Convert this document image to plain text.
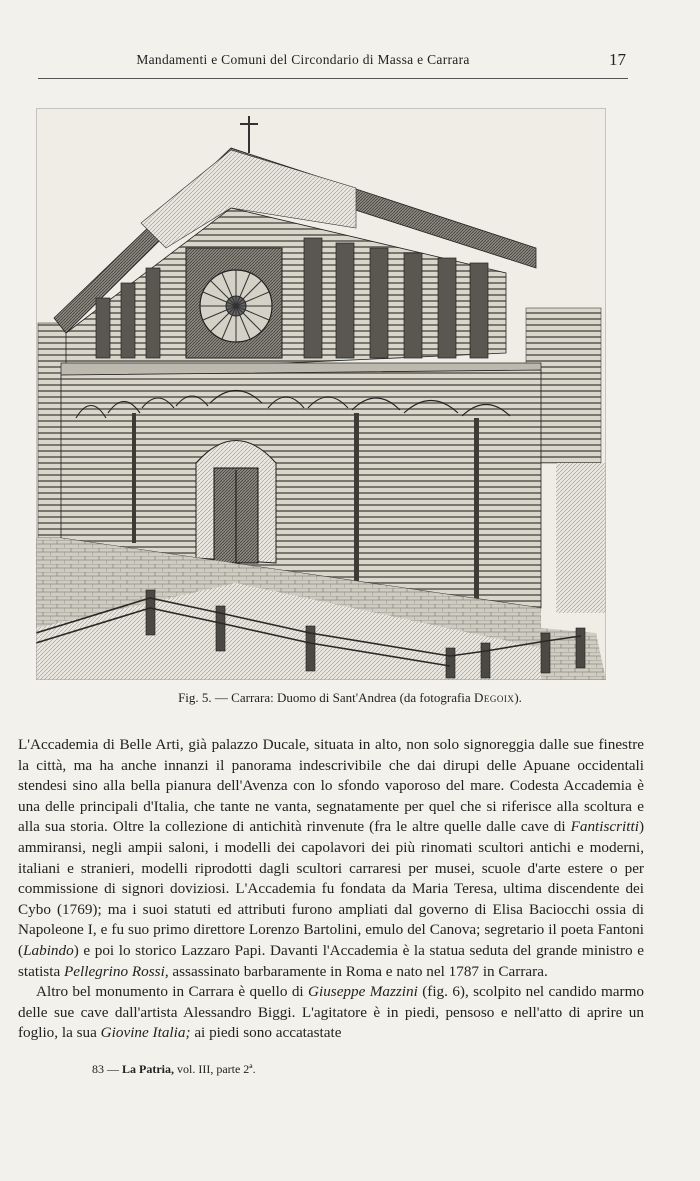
Mandamenti e Comuni del Circondario di Massa e Carrara	17
Fig. 5. — Carrara: Duomo di Sant'Andrea (da fotografia Degoix).

L'Accademia di Belle Arti, già palazzo Ducale, situata in alto, non solo signoreggia dalle sue finestre la città, ma ha anche innanzi il panorama indescrivibile che dai dirupi delle Apuane occidentali stendesi sino alla bella pianura dell'Avenza con lo sfondo vaporoso del mare. Codesta Accademia è una delle principali d'Italia, che tante ne vanta, segnatamente per quel che si riferisce alla scoltura e alla sua storia. Oltre la collezione di antichità rinvenute (fra le altre quelle dalle cave di Fantiscritti) ammiransi, negli ampii saloni, i modelli dei capolavori dei più rinomati scultori antichi e moderni, italiani e stranieri, modelli riprodotti dagli scultori carraresi per musei, scuole d'arte estere o per commissione di signori doviziosi. L'Accademia fu fondata da Maria Teresa, ultima discendente dei Cybo (1769); ma i suoi statuti ed attributi furono ampliati dal governo di Elisa Baciocchi ossia di Napoleone I, e fu suo primo direttore Lorenzo Bartolini, emulo del Canova; segretario il poeta Fantoni (Labindo) e poi lo storico Lazzaro Papi. Davanti l'Accademia è la statua seduta del grande ministro e statista Pellegrino Rossi, assassinato barbaramente in Roma e nato nel 1787 in Carrara.

Altro bel monumento in Carrara è quello di Giuseppe Mazzini (fig. 6), scolpito nel candido marmo delle sue cave dall'artista Alessandro Biggi. L'agitatore è in piedi, pensoso e nell'atto di aprire un foglio, la sua Giovine Italia; ai piedi sono accatastate

83 — La Patria, vol. III, parte 2ª.
